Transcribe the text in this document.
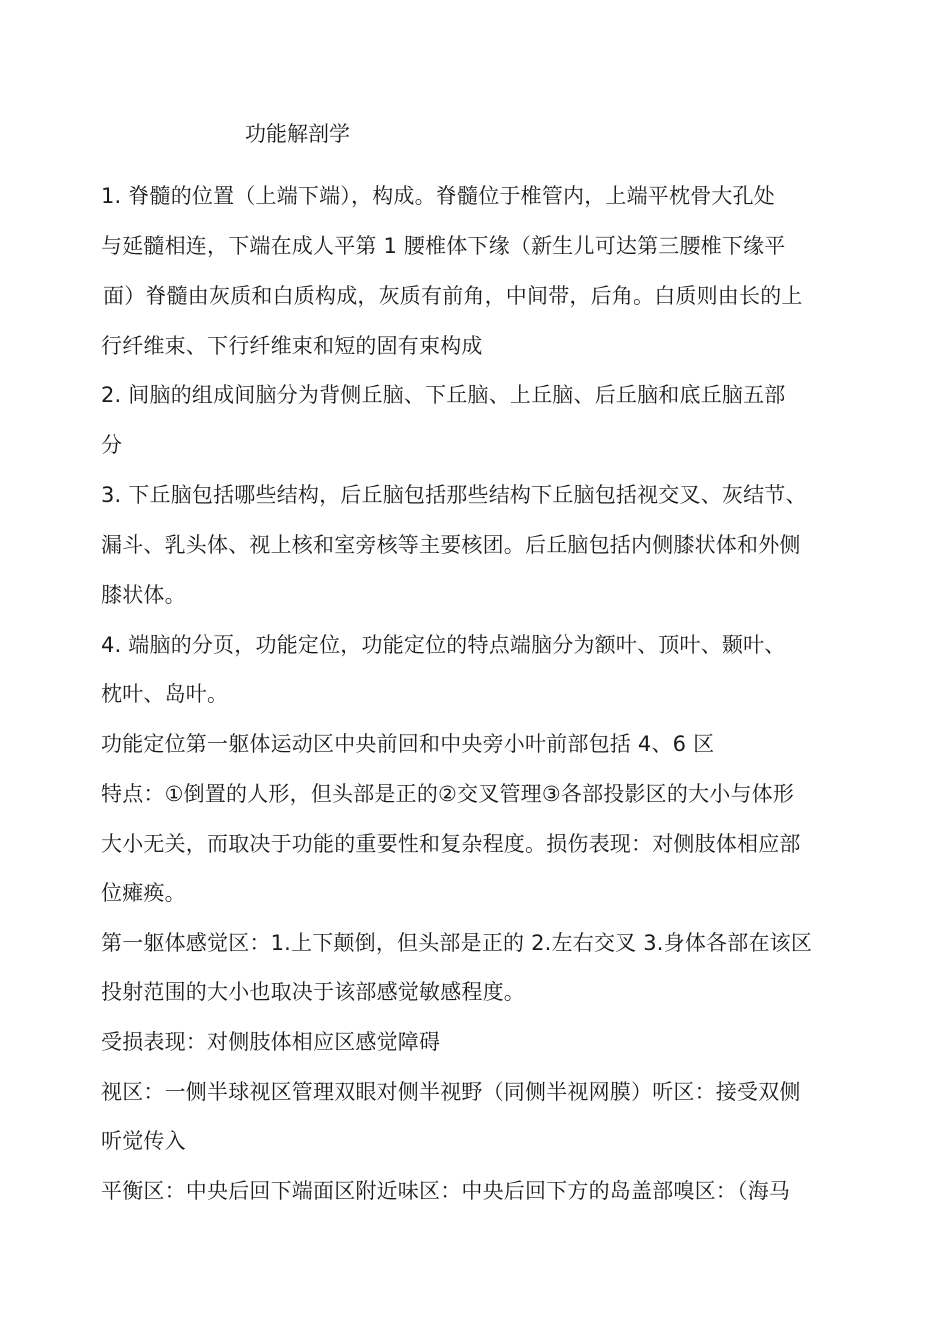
功能解剖学
1. 脊髓的位置（上端下端），构成。脊髓位于椎管内，上端平枕骨大孔处
与延髓相连，下端在成人平第 1 腰椎体下缘（新生儿可达第三腰椎下缘平
面）脊髓由灰质和白质构成，灰质有前角，中间带，后角。白质则由长的上
行纤维束、下行纤维束和短的固有束构成
2. 间脑的组成间脑分为背侧丘脑、下丘脑、上丘脑、后丘脑和底丘脑五部
分
3. 下丘脑包括哪些结构，后丘脑包括那些结构下丘脑包括视交叉、灰结节、
漏斗、乳头体、视上核和室旁核等主要核团。后丘脑包括内侧膝状体和外侧
膝状体。
4. 端脑的分页，功能定位，功能定位的特点端脑分为额叶、顶叶、颞叶、
枕叶、岛叶。
功能定位第一躯体运动区中央前回和中央旁小叶前部包括 4、6 区
特点：①倒置的人形，但头部是正的②交叉管理③各部投影区的大小与体形
大小无关，而取决于功能的重要性和复杂程度。损伤表现：对侧肢体相应部
位瘫痪。
第一躯体感觉区：1.上下颠倒，但头部是正的 2.左右交叉 3.身体各部在该区
投射范围的大小也取决于该部感觉敏感程度。
受损表现：对侧肢体相应区感觉障碍
视区：一侧半球视区管理双眼对侧半视野（同侧半视网膜）听区：接受双侧
听觉传入
平衡区：中央后回下端面区附近味区：中央后回下方的岛盖部嗅区：（海马
